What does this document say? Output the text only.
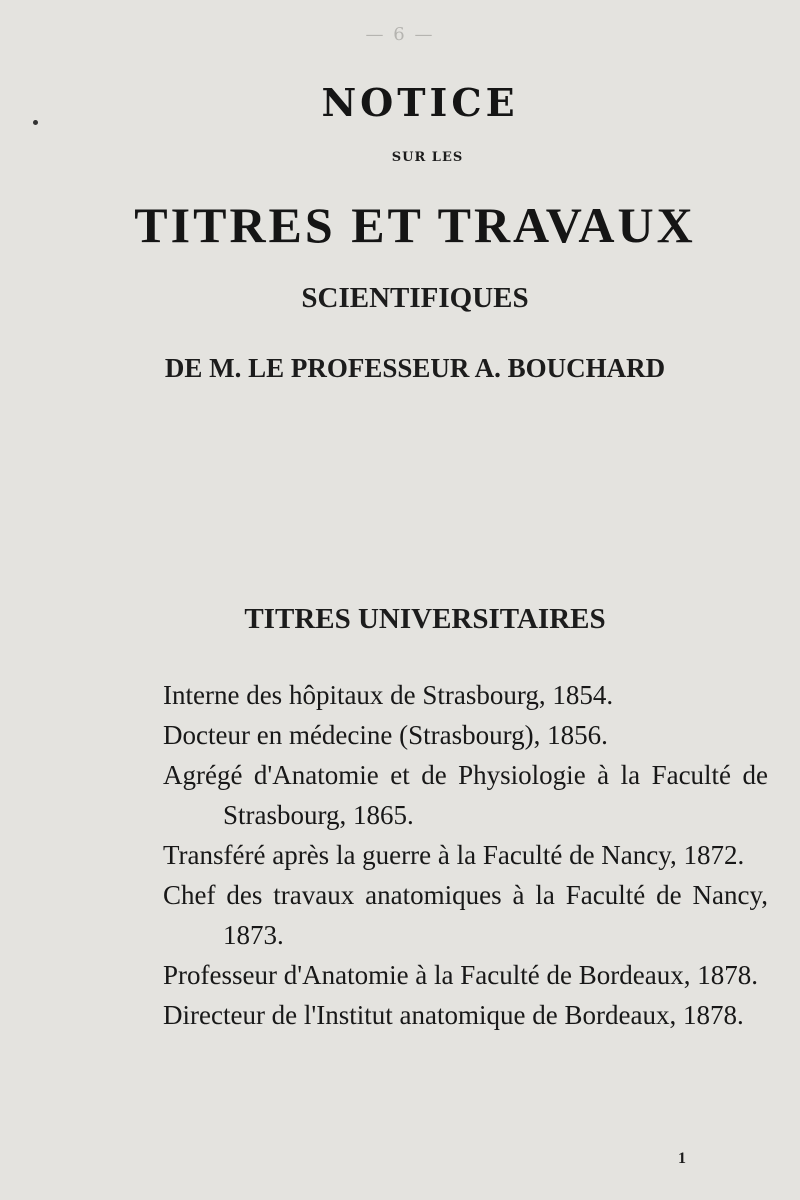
— 6 —
NOTICE
SUR LES
TITRES ET TRAVAUX
SCIENTIFIQUES
DE M. LE PROFESSEUR A. BOUCHARD
TITRES UNIVERSITAIRES
Interne des hôpitaux de Strasbourg, 1854.
Docteur en médecine (Strasbourg), 1856.
Agrégé d'Anatomie et de Physiologie à la Faculté de Strasbourg, 1865.
Transféré après la guerre à la Faculté de Nancy, 1872.
Chef des travaux anatomiques à la Faculté de Nancy, 1873.
Professeur d'Anatomie à la Faculté de Bordeaux, 1878.
Directeur de l'Institut anatomique de Bordeaux, 1878.
1
